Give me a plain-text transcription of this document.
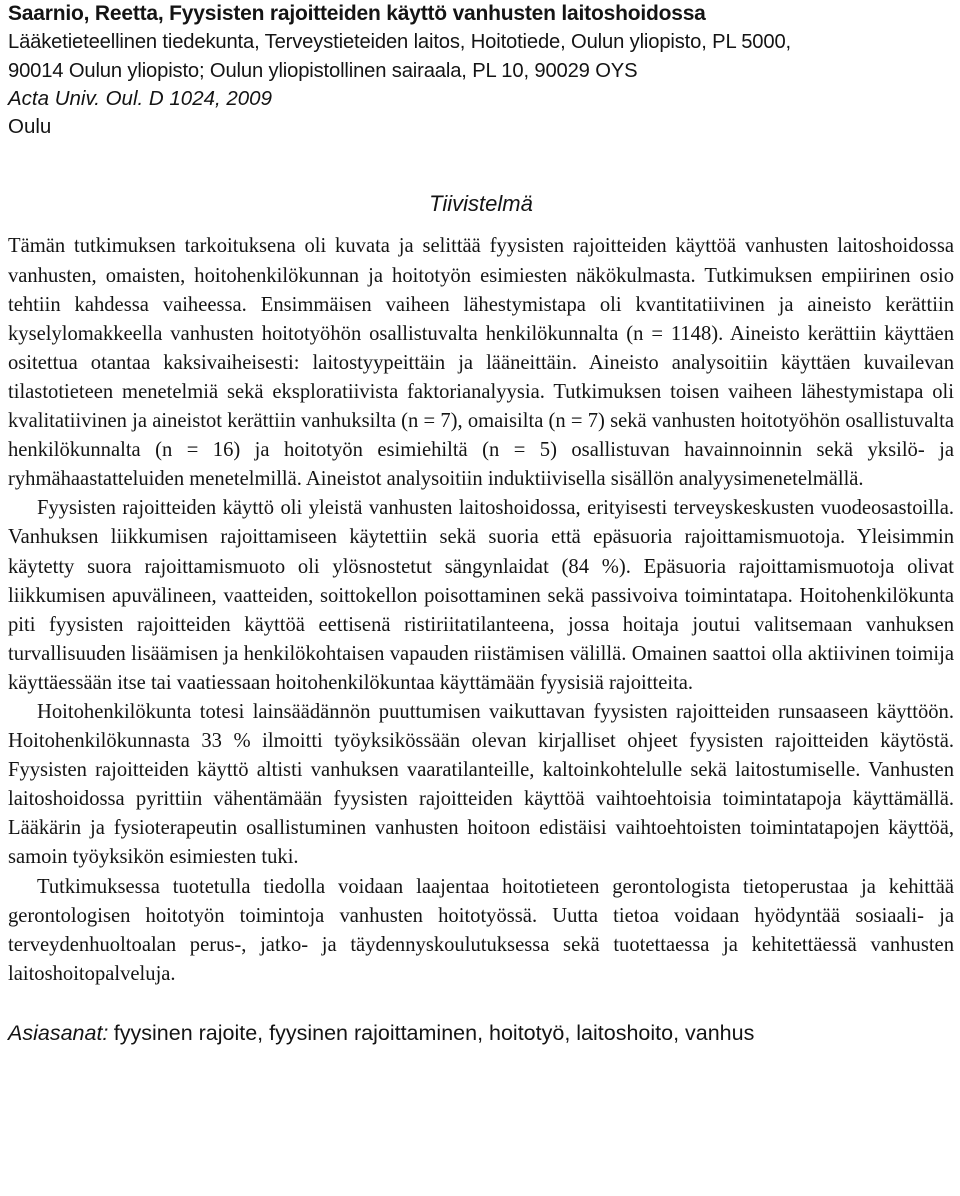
Saarnio, Reetta, Fyysisten rajoitteiden käyttö vanhusten laitoshoidossa
Lääketieteellinen tiedekunta, Terveystieteiden laitos, Hoitotiede, Oulun yliopisto, PL 5000,
90014 Oulun yliopisto; Oulun yliopistollinen sairaala, PL 10, 90029 OYS
Acta Univ. Oul. D 1024, 2009
Oulu
Tiivistelmä

Tämän tutkimuksen tarkoituksena oli kuvata ja selittää fyysisten rajoitteiden käyttöä vanhusten laitoshoidossa vanhusten, omaisten, hoitohenkilökunnan ja hoitotyön esimiesten näkökulmasta. Tutkimuksen empiirinen osio tehtiin kahdessa vaiheessa. Ensimmäisen vaiheen lähestymistapa oli kvantitatiivinen ja aineisto kerättiin kyselylomakkeella vanhusten hoitotyöhön osallistuvalta henkilökunnalta (n = 1148). Aineisto kerättiin käyttäen ositettua otantaa kaksivaiheisesti: laitostyypeittäin ja lääneittäin. Aineisto analysoitiin käyttäen kuvailevan tilastotieteen menetelmiä sekä eksploratiivista faktorianalyysia. Tutkimuksen toisen vaiheen lähestymistapa oli kvalitatiivinen ja aineistot kerättiin vanhuksilta (n = 7), omaisilta (n = 7) sekä vanhusten hoitotyöhön osallistuvalta henkilökunnalta (n = 16) ja hoitotyön esimiehiltä (n = 5) osallistuvan havainnoinnin sekä yksilö- ja ryhmähaastatteluiden menetelmillä. Aineistot analysoitiin induktiivisella sisällön analyysimenetelmällä.

Fyysisten rajoitteiden käyttö oli yleistä vanhusten laitoshoidossa, erityisesti terveyskeskusten vuodeosastoilla. Vanhuksen liikkumisen rajoittamiseen käytettiin sekä suoria että epäsuoria rajoittamismuotoja. Yleisimmin käytetty suora rajoittamismuoto oli ylösnostetut sängynlaidat (84 %). Epäsuoria rajoittamismuotoja olivat liikkumisen apuvälineen, vaatteiden, soittokellon poisottaminen sekä passivoiva toimintatapa. Hoitohenkilökunta piti fyysisten rajoitteiden käyttöä eettisenä ristiriitatilanteena, jossa hoitaja joutui valitsemaan vanhuksen turvallisuuden lisäämisen ja henkilökohtaisen vapauden riistämisen välillä. Omainen saattoi olla aktiivinen toimija käyttäessään itse tai vaatiessaan hoitohenkilökuntaa käyttämään fyysisiä rajoitteita.

Hoitohenkilökunta totesi lainsäädännön puuttumisen vaikuttavan fyysisten rajoitteiden runsaaseen käyttöön. Hoitohenkilökunnasta 33 % ilmoitti työyksikössään olevan kirjalliset ohjeet fyysisten rajoitteiden käytöstä. Fyysisten rajoitteiden käyttö altisti vanhuksen vaaratilanteille, kaltoinkohtelulle sekä laitostumiselle. Vanhusten laitoshoidossa pyrittiin vähentämään fyysisten rajoitteiden käyttöä vaihtoehtoisia toimintatapoja käyttämällä. Lääkärin ja fysioterapeutin osallistuminen vanhusten hoitoon edistäisi vaihtoehtoisten toimintatapojen käyttöä, samoin työyksikön esimiesten tuki.

Tutkimuksessa tuotetulla tiedolla voidaan laajentaa hoitotieteen gerontologista tietoperustaa ja kehittää gerontologisen hoitotyön toimintoja vanhusten hoitotyössä. Uutta tietoa voidaan hyödyntää sosiaali- ja terveydenhuoltoalan perus-, jatko- ja täydennyskoulutuksessa sekä tuotettaessa ja kehitettäessä vanhusten laitoshoitopalveluja.

Asiasanat: fyysinen rajoite, fyysinen rajoittaminen, hoitotyö, laitoshoito, vanhus
